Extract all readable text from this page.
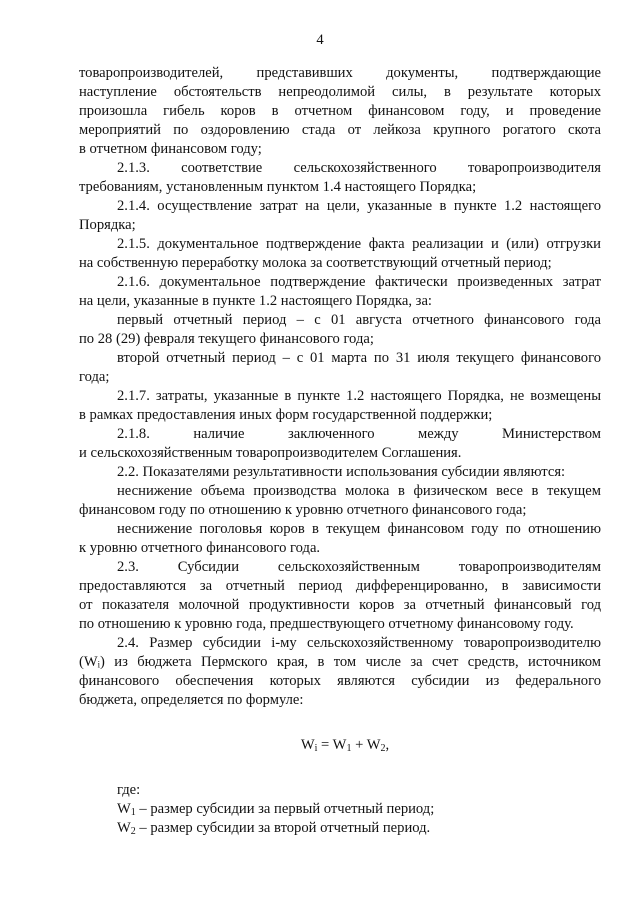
4

товаропроизводителей, представивших документы, подтверждающие

наступление обстоятельств непреодолимой силы, в результате которых

произошла гибель коров в отчетном финансовом году, и проведение

мероприятий по оздоровлению стада от лейкоза крупного рогатого скота

в отчетном финансовом году;

2.1.3. соответствие сельскохозяйственного товаропроизводителя

требованиям, установленным пунктом 1.4 настоящего Порядка;

2.1.4. осуществление затрат на цели, указанные в пункте 1.2 настоящего

Порядка;

2.1.5. документальное подтверждение факта реализации и (или) отгрузки

на собственную переработку молока за соответствующий отчетный период;

2.1.6. документальное подтверждение фактически произведенных затрат

на цели, указанные в пункте 1.2 настоящего Порядка, за:

первый отчетный период – с 01 августа отчетного финансового года

по 28 (29) февраля текущего финансового года;

второй отчетный период – с 01 марта по 31 июля текущего финансового

года;

2.1.7. затраты, указанные в пункте 1.2 настоящего Порядка, не возмещены

в рамках предоставления иных форм государственной поддержки;

2.1.8. наличие заключенного между Министерством

и сельскохозяйственным товаропроизводителем Соглашения.

2.2. Показателями результативности использования субсидии являются:

неснижение объема производства молока в физическом весе в текущем

финансовом году по отношению к уровню отчетного финансового года;

неснижение поголовья коров в текущем финансовом году по отношению

к уровню отчетного финансового года.

2.3. Субсидии сельскохозяйственным товаропроизводителям

предоставляются за отчетный период дифференцированно, в зависимости

от показателя молочной продуктивности коров за отчетный финансовый год

по отношению к уровню года, предшествующего отчетному финансовому году.

2.4. Размер субсидии i-му сельскохозяйственному товаропроизводителю

(Wᵢ) из бюджета Пермского края, в том числе за счет средств, источником

финансового обеспечения которых являются субсидии из федерального

бюджета, определяется по формуле:

$W_i = W_1 + W_2$,

где:

$W_1$ – размер субсидии за первый отчетный период;

$W_2$ – размер субсидии за второй отчетный период.
